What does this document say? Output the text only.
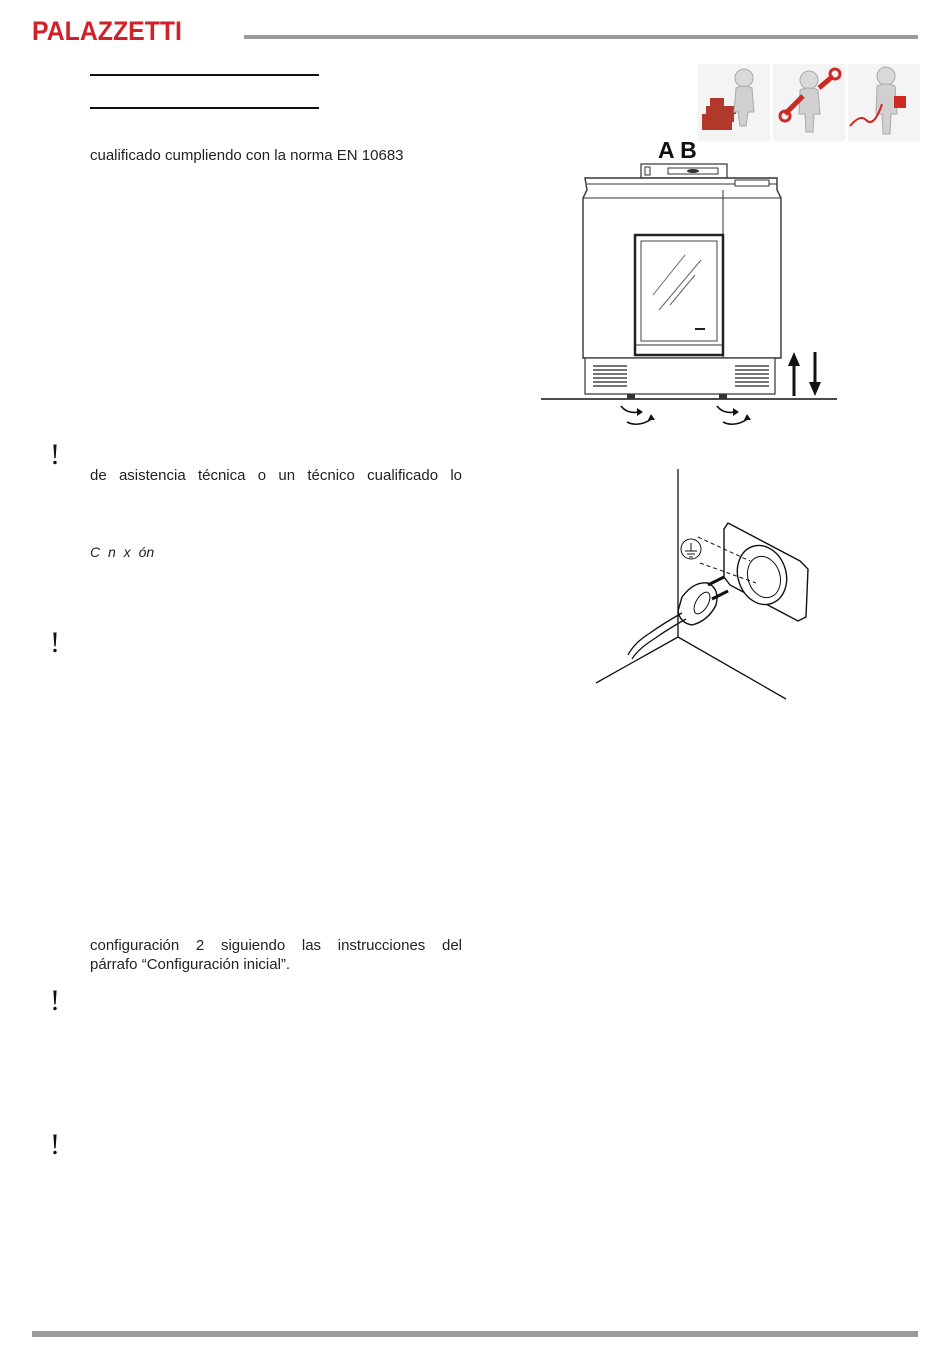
PALAZZETTI
cualificado cumpliendo con la norma EN 10683	A B
!
de asistencia técnica o un técnico cualificado lo
C n x ón
!
configuración 2 siguiendo las instrucciones del
párrafo “Configuración inicial”.
!
!
